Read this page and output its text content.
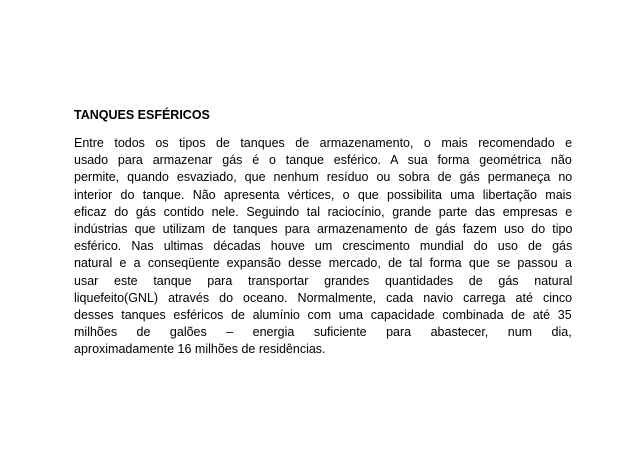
TANQUES ESFÉRICOS
Entre todos os tipos de tanques de armazenamento, o mais recomendado e
usado para armazenar gás é o tanque esférico. A sua forma geométrica não
permite, quando esvaziado, que nenhum resíduo ou sobra de gás permaneça no
interior do tanque. Não apresenta vértices, o que possibilita uma libertação mais
eficaz do gás contido nele. Seguindo tal raciocínio, grande parte das empresas e
indústrias que utilizam de tanques para armazenamento de gás fazem uso do tipo
esférico. Nas ultimas décadas houve um crescimento mundial do uso de gás
natural e a conseqüente expansão desse mercado, de tal forma que se passou a
usar este tanque para transportar grandes quantidades de gás natural
liquefeito(GNL) através do oceano. Normalmente, cada navio carrega até cinco
desses tanques esféricos de alumínio com uma capacidade combinada de até 35
milhões de galões – energia suficiente para abastecer, num dia,
aproximadamente 16 milhões de residências.
